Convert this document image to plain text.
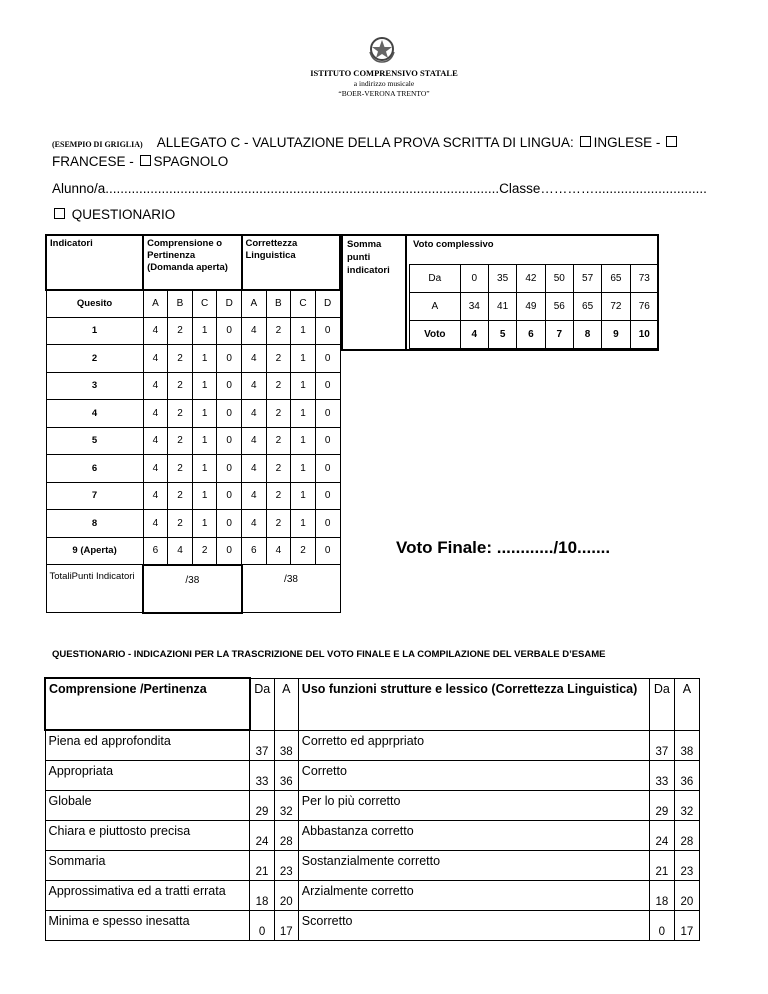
ISTITUTO COMPRENSIVO STATALE
a indirizzo musicale
“BOER-VERONA TRENTO”
(ESEMPIO DI GRIGLIA) ALLEGATO C - VALUTAZIONE DELLA PROVA SCRITTA DI LINGUA: INGLESE -
FRANCESE - SPAGNOLO
Alunno/a.........................................................................................................Classe…………..............................
QUESTIONARIO
Indicatori	Comprensione o Pertinenza (Domanda aperta)				Correttezza Linguistica			
Quesito	A	B	C	D	A	B	C	D
1	4	2	1	0	4	2	1	0
2	4	2	1	0	4	2	1	0
3	4	2	1	0	4	2	1	0
4	4	2	1	0	4	2	1	0
5	4	2	1	0	4	2	1	0
6	4	2	1	0	4	2	1	0
7	4	2	1	0	4	2	1	0
8	4	2	1	0	4	2	1	0
9 (Aperta)	6	4	2	0	6	4	2	0
TotaliPunti Indicatori	/38				/38			
Somma punti indicatori
Voto complessivo
Da	0	35	42	50	57	65	73
A	34	41	49	56	65	72	76
Voto	4	5	6	7	8	9	10
Voto Finale: ............/10.......
QUESTIONARIO - INDICAZIONI PER LA TRASCRIZIONE DEL VOTO FINALE E LA COMPILAZIONE DEL VERBALE D’ESAME
Comprensione /Pertinenza	Da	A	Uso funzioni strutture e lessico (Correttezza Linguistica)	Da	A
Piena ed approfondita	37	38	Corretto ed apprpriato	37	38
Appropriata	33	36	Corretto	33	36
Globale	29	32	Per lo più corretto	29	32
Chiara e piuttosto precisa	24	28	Abbastanza corretto	24	28
Sommaria	21	23	Sostanzialmente corretto	21	23
Approssimativa ed a tratti errata	18	20	Arzialmente corretto	18	20
Minima e spesso inesatta	0	17	Scorretto	0	17
